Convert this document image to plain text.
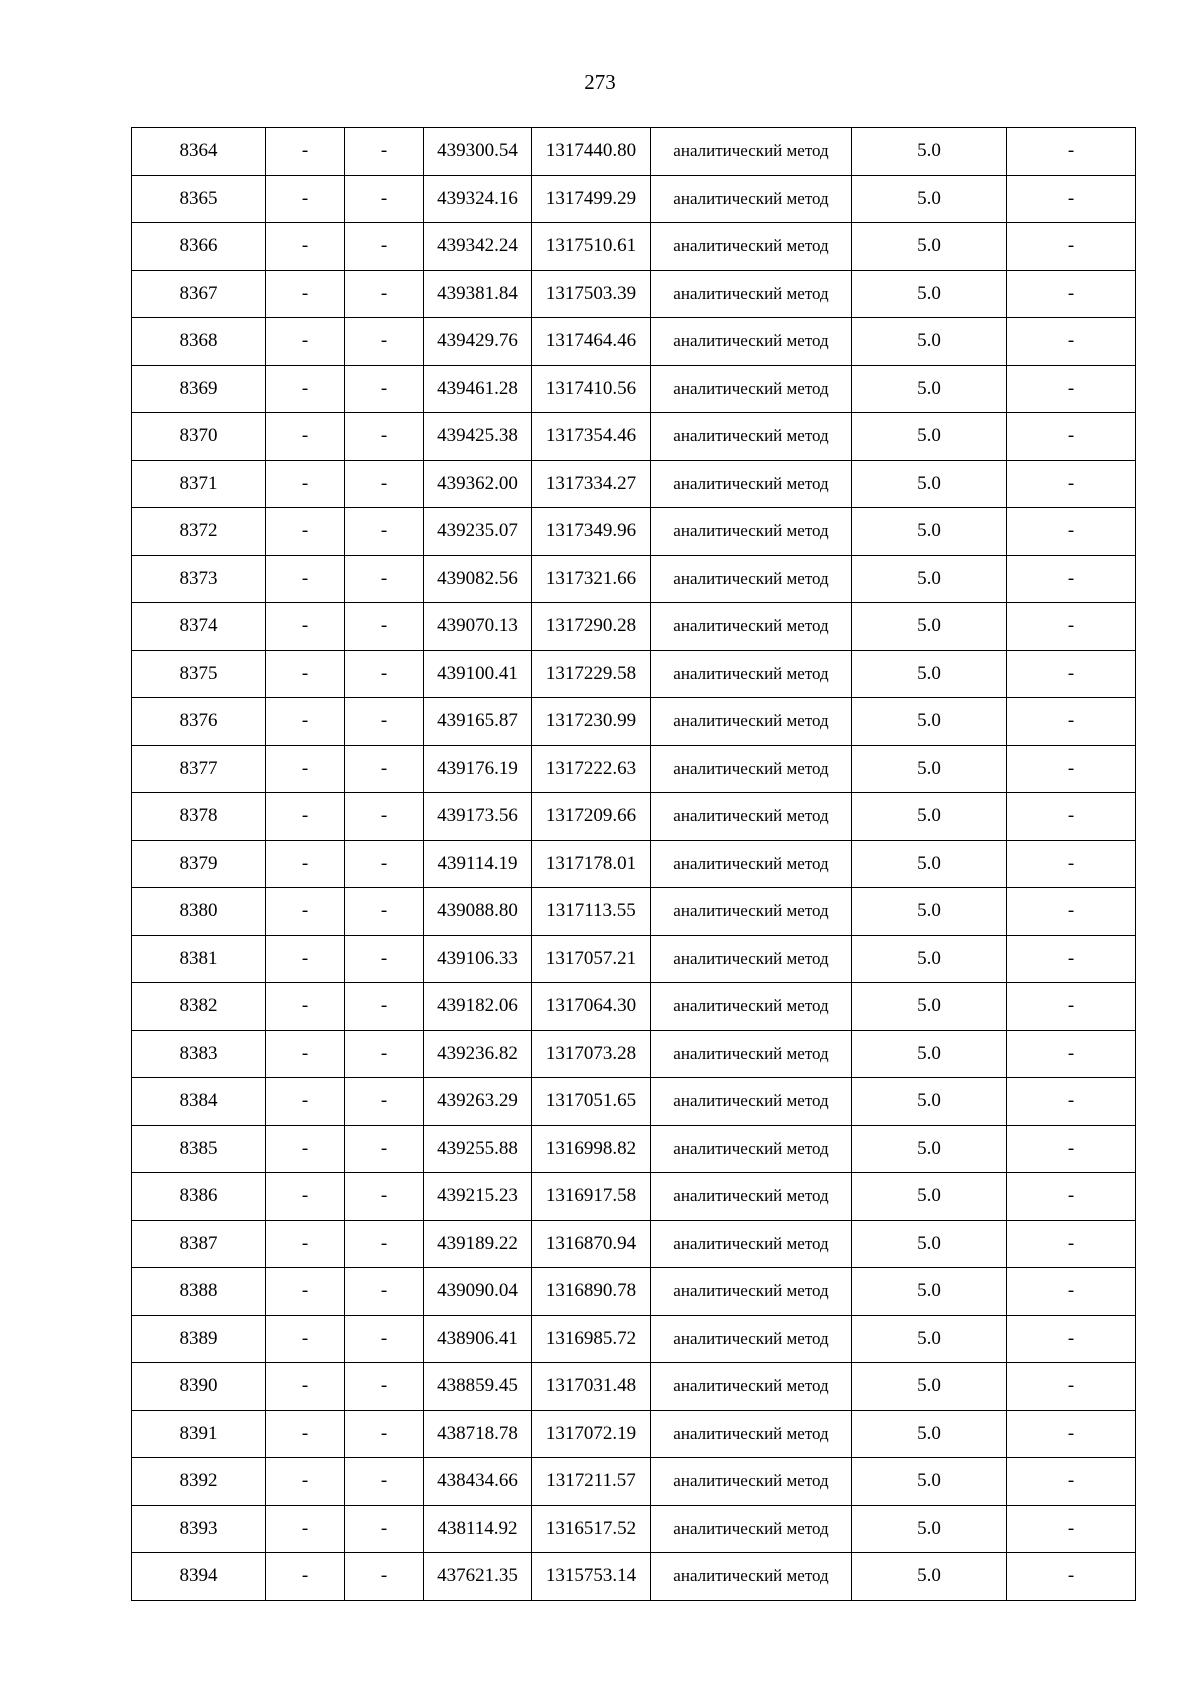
273
8364	-	-	439300.54	1317440.80	аналитический метод	5.0	-
8365	-	-	439324.16	1317499.29	аналитический метод	5.0	-
8366	-	-	439342.24	1317510.61	аналитический метод	5.0	-
8367	-	-	439381.84	1317503.39	аналитический метод	5.0	-
8368	-	-	439429.76	1317464.46	аналитический метод	5.0	-
8369	-	-	439461.28	1317410.56	аналитический метод	5.0	-
8370	-	-	439425.38	1317354.46	аналитический метод	5.0	-
8371	-	-	439362.00	1317334.27	аналитический метод	5.0	-
8372	-	-	439235.07	1317349.96	аналитический метод	5.0	-
8373	-	-	439082.56	1317321.66	аналитический метод	5.0	-
8374	-	-	439070.13	1317290.28	аналитический метод	5.0	-
8375	-	-	439100.41	1317229.58	аналитический метод	5.0	-
8376	-	-	439165.87	1317230.99	аналитический метод	5.0	-
8377	-	-	439176.19	1317222.63	аналитический метод	5.0	-
8378	-	-	439173.56	1317209.66	аналитический метод	5.0	-
8379	-	-	439114.19	1317178.01	аналитический метод	5.0	-
8380	-	-	439088.80	1317113.55	аналитический метод	5.0	-
8381	-	-	439106.33	1317057.21	аналитический метод	5.0	-
8382	-	-	439182.06	1317064.30	аналитический метод	5.0	-
8383	-	-	439236.82	1317073.28	аналитический метод	5.0	-
8384	-	-	439263.29	1317051.65	аналитический метод	5.0	-
8385	-	-	439255.88	1316998.82	аналитический метод	5.0	-
8386	-	-	439215.23	1316917.58	аналитический метод	5.0	-
8387	-	-	439189.22	1316870.94	аналитический метод	5.0	-
8388	-	-	439090.04	1316890.78	аналитический метод	5.0	-
8389	-	-	438906.41	1316985.72	аналитический метод	5.0	-
8390	-	-	438859.45	1317031.48	аналитический метод	5.0	-
8391	-	-	438718.78	1317072.19	аналитический метод	5.0	-
8392	-	-	438434.66	1317211.57	аналитический метод	5.0	-
8393	-	-	438114.92	1316517.52	аналитический метод	5.0	-
8394	-	-	437621.35	1315753.14	аналитический метод	5.0	-
